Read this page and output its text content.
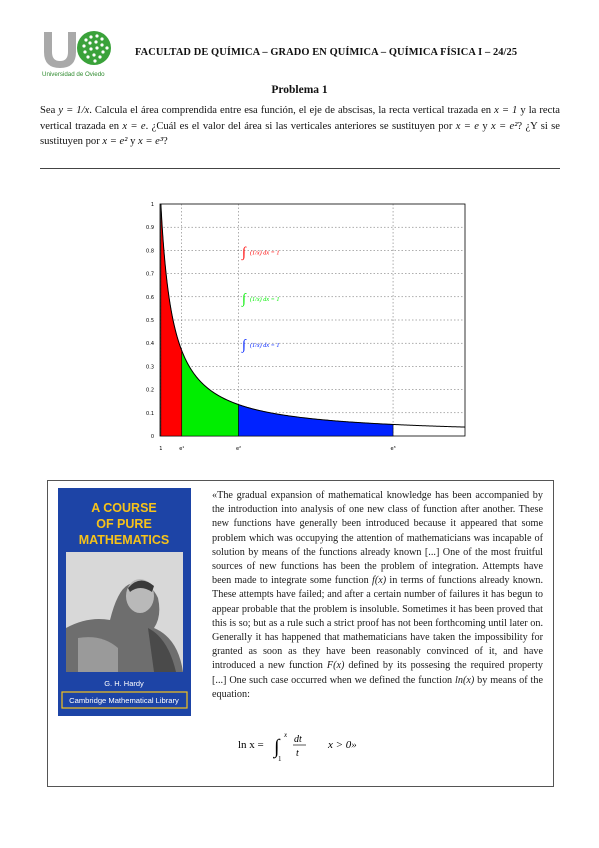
Universidad de Oviedo
FACULTAD DE QUÍMICA – GRADO EN QUÍMICA – QUÍMICA FÍSICA I – 24/25
Problema 1
Sea y = 1/x. Calcula el área comprendida entre esa función, el eje de abscisas, la recta vertical trazada en x = 1 y la recta vertical trazada en x = e. ¿Cuál es el valor del área si las verticales anteriores se sustituyen por x = e y x = e²? ¿Y si se sustituyen por x = e² y x = e³?
0
0.1
0.2
0.3
0.4
0.5
0.6
0.7
0.8
0.9
1
1	e¹	e²	e³
∫ (1/x) dx = 1
∫ (1/x) dx = 1
∫ (1/x) dx = 1
A COURSE
OF PURE
MATHEMATICS
G. H. Hardy
Cambridge Mathematical Library
«The gradual expansion of mathematical knowledge has been accompanied by the introduction into analysis of one new class of function after another. These new functions have generally been introduced because it appeared that some problem which was occupying the attention of mathematicians was incapable of solution by means of the functions already known [...] One of the most fruitful sources of new functions has been the problem of integration. Attempts have been made to integrate some function f(x) in terms of functions already known. These attempts have failed; and after a certain number of failures it has begun to appear probable that the problem is insoluble. Sometimes it has been proved that this is so; but as a rule such a strict proof has not been forthcoming until later on. Generally it has happened that mathematicians have taken the impossibility for granted as soon as they have been reasonably convinced of it, and have introduced a new function F(x) defined by its possesing the required property [...] One such case occurred when we defined the function ln(x) by means of the equation:
ln x = ∫
x
1
dt
t
x > 0»
